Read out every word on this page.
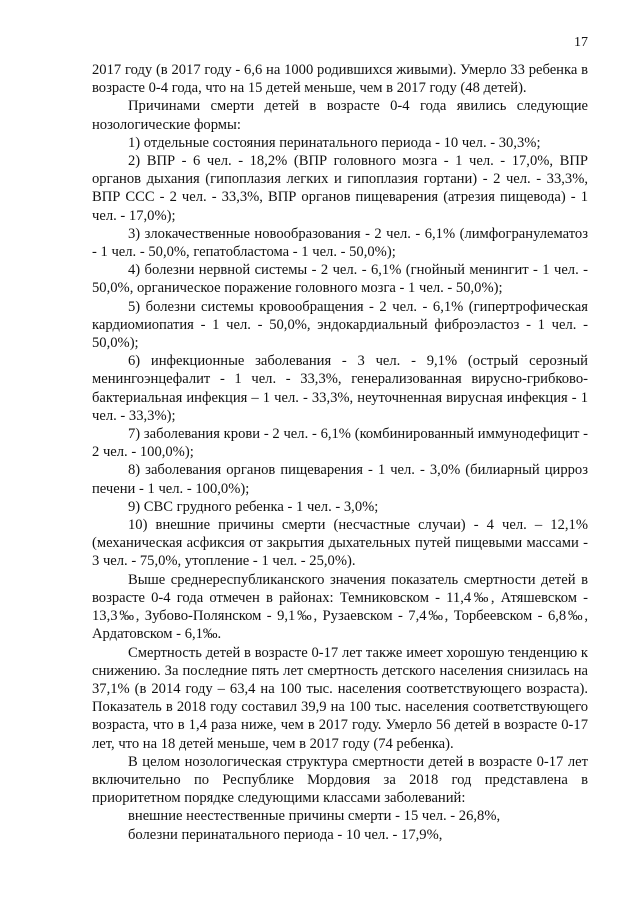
17

2017 году (в 2017 году - 6,6 на 1000 родившихся живыми). Умерло 33 ребенка в возрасте 0-4 года, что на 15 детей меньше, чем в 2017 году (48 детей).

Причинами смерти детей в возрасте 0-4 года явились следующие нозологические формы:

1) отдельные состояния перинатального периода - 10 чел. - 30,3%;

2) ВПР - 6 чел. - 18,2% (ВПР головного мозга - 1 чел. - 17,0%, ВПР органов дыхания (гипоплазия легких и гипоплазия гортани) - 2 чел. - 33,3%, ВПР ССС - 2 чел. - 33,3%, ВПР органов пищеварения (атрезия пищевода) - 1 чел. - 17,0%);

3) злокачественные новообразования - 2 чел. - 6,1% (лимфогранулематоз - 1 чел. - 50,0%, гепатобластома - 1 чел. - 50,0%);

4) болезни нервной системы - 2 чел. - 6,1% (гнойный менингит - 1 чел. - 50,0%, органическое поражение головного мозга - 1 чел. - 50,0%);

5) болезни системы кровообращения - 2 чел. - 6,1% (гипертрофическая кардиомиопатия - 1 чел. - 50,0%, эндокардиальный фиброэластоз - 1 чел. - 50,0%);

6) инфекционные заболевания - 3 чел. - 9,1% (острый серозный менингоэнцефалит - 1 чел. - 33,3%, генерализованная вирусно-грибково-бактериальная инфекция – 1 чел. - 33,3%, неуточненная вирусная инфекция - 1 чел. - 33,3%);

7) заболевания крови - 2 чел. - 6,1% (комбинированный иммунодефицит - 2 чел. - 100,0%);

8) заболевания органов пищеварения - 1 чел. - 3,0% (билиарный цирроз печени - 1 чел. - 100,0%);

9) СВС грудного ребенка - 1 чел. - 3,0%;

10) внешние причины смерти (несчастные случаи) - 4 чел. – 12,1% (механическая асфиксия от закрытия дыхательных путей пищевыми массами - 3 чел. - 75,0%, утопление - 1 чел. - 25,0%).

Выше среднереспубликанского значения показатель смертности детей в возрасте 0-4 года отмечен в районах: Темниковском - 11,4‰, Атяшевском - 13,3‰, Зубово-Полянском - 9,1‰, Рузаевском - 7,4‰, Торбеевском - 6,8‰, Ардатовском - 6,1‰.

Смертность детей в возрасте 0-17 лет также имеет хорошую тенденцию к снижению. За последние пять лет смертность детского населения снизилась на 37,1% (в 2014 году – 63,4 на 100 тыс. населения соответствующего возраста). Показатель в 2018 году составил 39,9 на 100 тыс. населения соответствующего возраста, что в 1,4 раза ниже, чем в 2017 году. Умерло 56 детей в возрасте 0-17 лет, что на 18 детей меньше, чем в 2017 году (74 ребенка).

В целом нозологическая структура смертности детей в возрасте 0-17 лет включительно по Республике Мордовия за 2018 год представлена в приоритетном порядке следующими классами заболеваний:

внешние неестественные причины смерти - 15 чел. - 26,8%,

болезни перинатального периода - 10 чел. - 17,9%,
